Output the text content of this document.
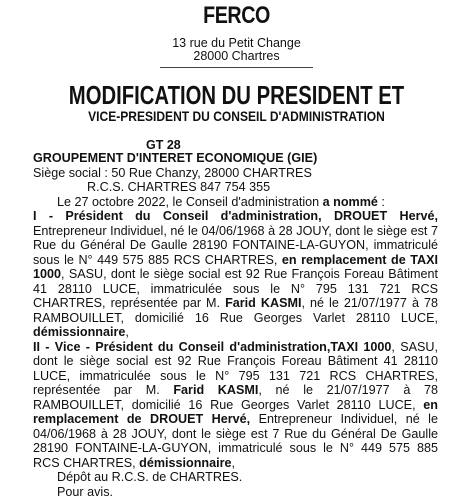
FERCO
13 rue du Petit Change
28000 Chartres
MODIFICATION DU PRESIDENT ET
VICE-PRESIDENT DU CONSEIL D'ADMINISTRATION
GT 28

GROUPEMENT D'INTERET ECONOMIQUE (GIE)

Siège social : 50 Rue Chanzy, 28000 CHARTRES

R.C.S. CHARTRES 847 754 355

Le 27 octobre 2022, le Conseil d'administration a nommé :

I - Président du Conseil d'administration, DROUET Hervé, Entrepreneur Individuel, né le 04/06/1968 à 28 JOUY, dont le siège est 7 Rue du Général De Gaulle 28190 FONTAINE-LA-GUYON, immatriculé sous le N° 449 575 885 RCS CHARTRES, en remplacement de TAXI 1000, SASU, dont le siège social est 92 Rue François Foreau Bâtiment 41 28110 LUCE, immatriculée sous le N° 795 131 721 RCS CHARTRES, représentée par M. Farid KASMI, né le 21/07/1977 à 78 RAMBOUILLET, domicilié 16 Rue Georges Varlet 28110 LUCE, démissionnaire,

II - Vice - Président du Conseil d'administration,TAXI 1000, SASU, dont le siège social est 92 Rue François Foreau Bâtiment 41 28110 LUCE, immatriculée sous le N° 795 131 721 RCS CHARTRES, représentée par M. Farid KASMI, né le 21/07/1977 à 78 RAMBOUILLET, domicilié 16 Rue Georges Varlet 28110 LUCE, en remplacement de DROUET Hervé, Entrepreneur Individuel, né le 04/06/1968 à 28 JOUY, dont le siège est 7 Rue du Général De Gaulle 28190 FONTAINE-LA-GUYON, immatriculé sous le N° 449 575 885 RCS CHARTRES, démissionnaire,

Dépôt au R.C.S. de CHARTRES.

Pour avis.
